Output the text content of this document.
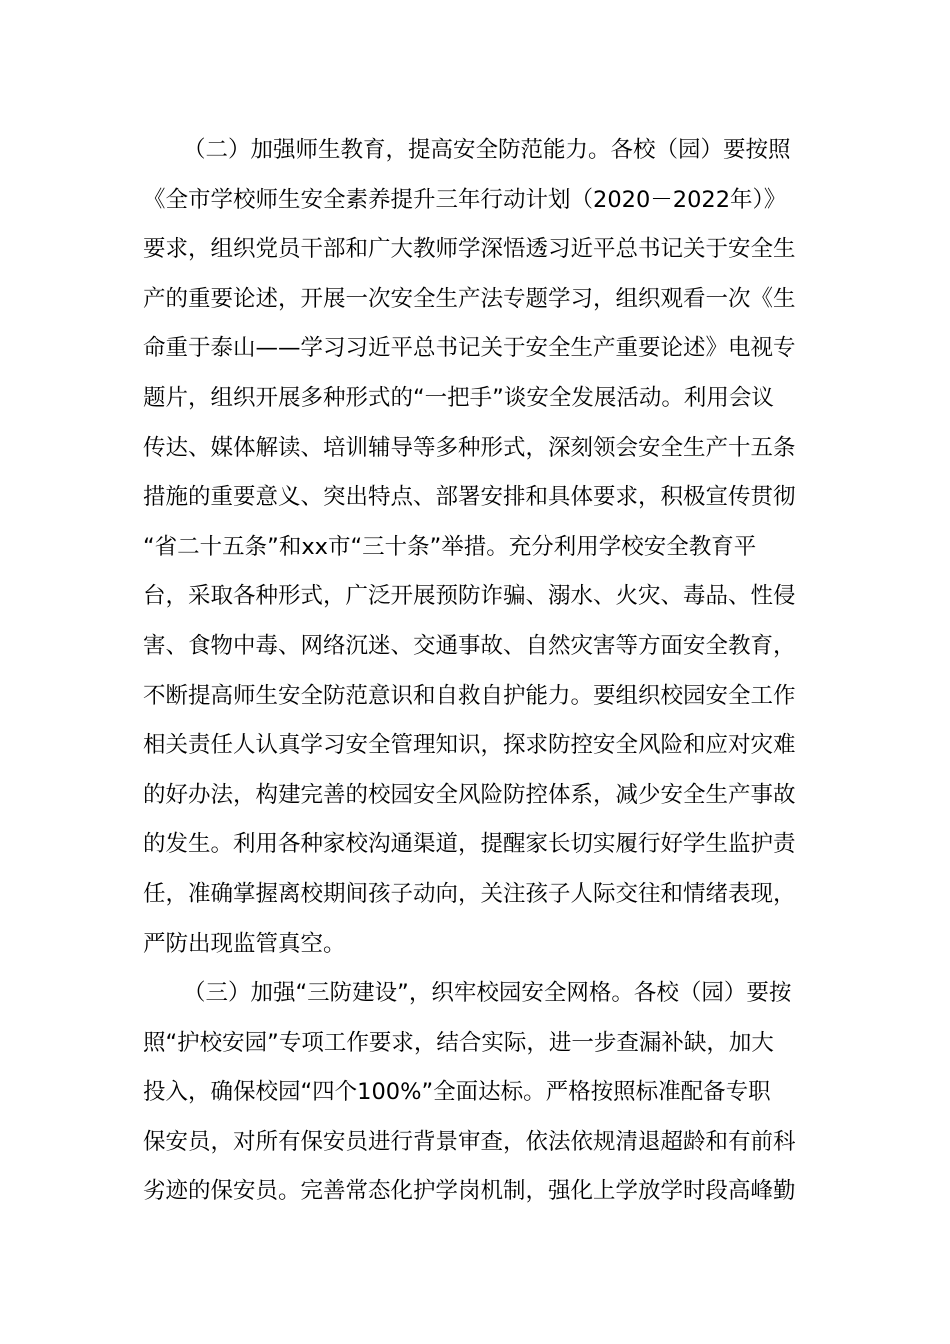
（二）加强师生教育，提高安全防范能力。各校（园）要按照
《全市学校师生安全素养提升三年行动计划（2020－2022年）》
要求，组织党员干部和广大教师学深悟透习近平总书记关于安全生
产的重要论述，开展一次安全生产法专题学习，组织观看一次《生
命重于泰山——学习习近平总书记关于安全生产重要论述》电视专
题片，组织开展多种形式的“一把手”谈安全发展活动。利用会议
传达、媒体解读、培训辅导等多种形式，深刻领会安全生产十五条
措施的重要意义、突出特点、部署安排和具体要求，积极宣传贯彻
“省二十五条”和xx市“三十条”举措。充分利用学校安全教育平
台，采取各种形式，广泛开展预防诈骗、溺水、火灾、毒品、性侵
害、食物中毒、网络沉迷、交通事故、自然灾害等方面安全教育，
不断提高师生安全防范意识和自救自护能力。要组织校园安全工作
相关责任人认真学习安全管理知识，探求防控安全风险和应对灾难
的好办法，构建完善的校园安全风险防控体系，减少安全生产事故
的发生。利用各种家校沟通渠道，提醒家长切实履行好学生监护责
任，准确掌握离校期间孩子动向，关注孩子人际交往和情绪表现，
严防出现监管真空。
（三）加强“三防建设”，织牢校园安全网格。各校（园）要按
照“护校安园”专项工作要求，结合实际，进一步查漏补缺，加大
投入，确保校园“四个100%”全面达标。严格按照标准配备专职
保安员，对所有保安员进行背景审查，依法依规清退超龄和有前科
劣迹的保安员。完善常态化护学岗机制，强化上学放学时段高峰勤
